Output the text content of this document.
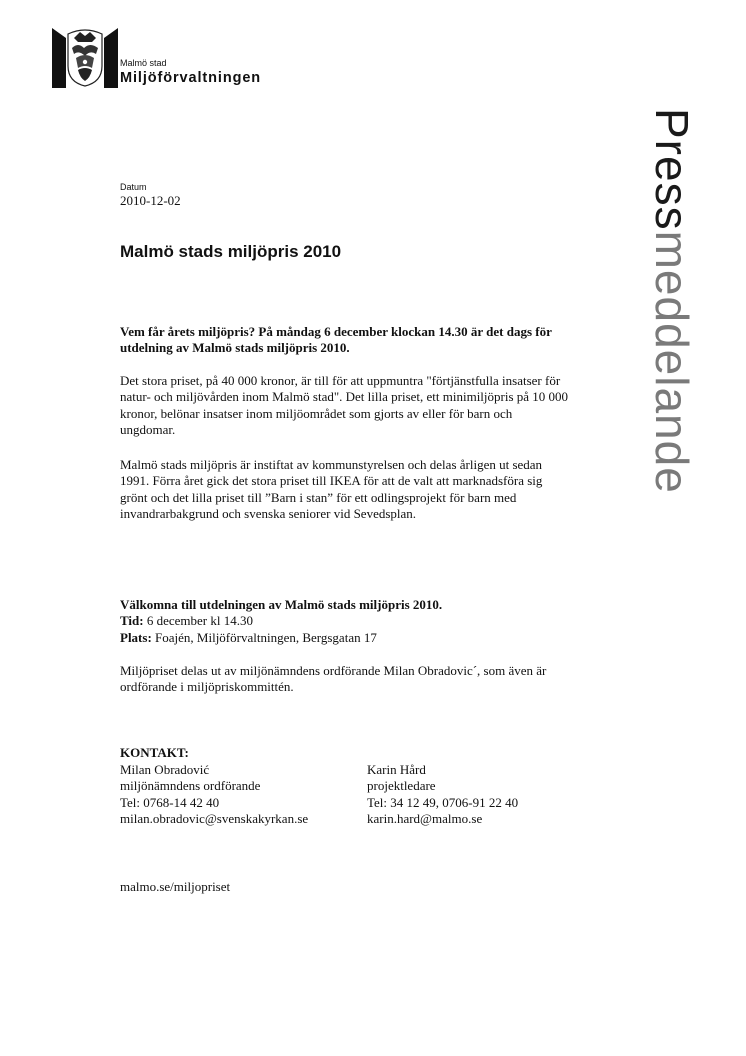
Malmö stad
Miljöförvaltningen
Pressmeddelande
Datum
2010-12-02
Malmö stads miljöpris 2010

Vem får årets miljöpris? På måndag 6 december klockan 14.30 är det dags för utdelning av Malmö stads miljöpris 2010.

Det stora priset, på 40 000 kronor, är till för att uppmuntra "förtjänstfulla insatser för natur- och miljövården inom Malmö stad". Det lilla priset, ett minimiljöpris på 10 000 kronor, belönar insatser inom miljöområdet som gjorts av eller för barn och ungdomar.

Malmö stads miljöpris är instiftat av kommunstyrelsen och delas årligen ut sedan 1991. Förra året gick det stora priset till IKEA för att de valt att marknadsföra sig grönt och det lilla priset till ”Barn i stan” för ett odlingsprojekt för barn med invandrarbakgrund och svenska seniorer vid Sevedsplan.

Välkomna till utdelningen av Malmö stads miljöpris 2010.
Tid: 6 december kl 14.30
Plats: Foajén, Miljöförvaltningen, Bergsgatan 17

Miljöpriset delas ut av miljönämndens ordförande Milan Obradovic´, som även är ordförande i miljöpriskommittén.

KONTAKT:
Milan Obradović
miljönämndens ordförande
Tel: 0768-14 42 40
milan.obradovic@svenskakyrkan.se
Karin Hård
projektledare
Tel: 34 12 49, 0706-91 22 40
karin.hard@malmo.se
malmo.se/miljopriset
